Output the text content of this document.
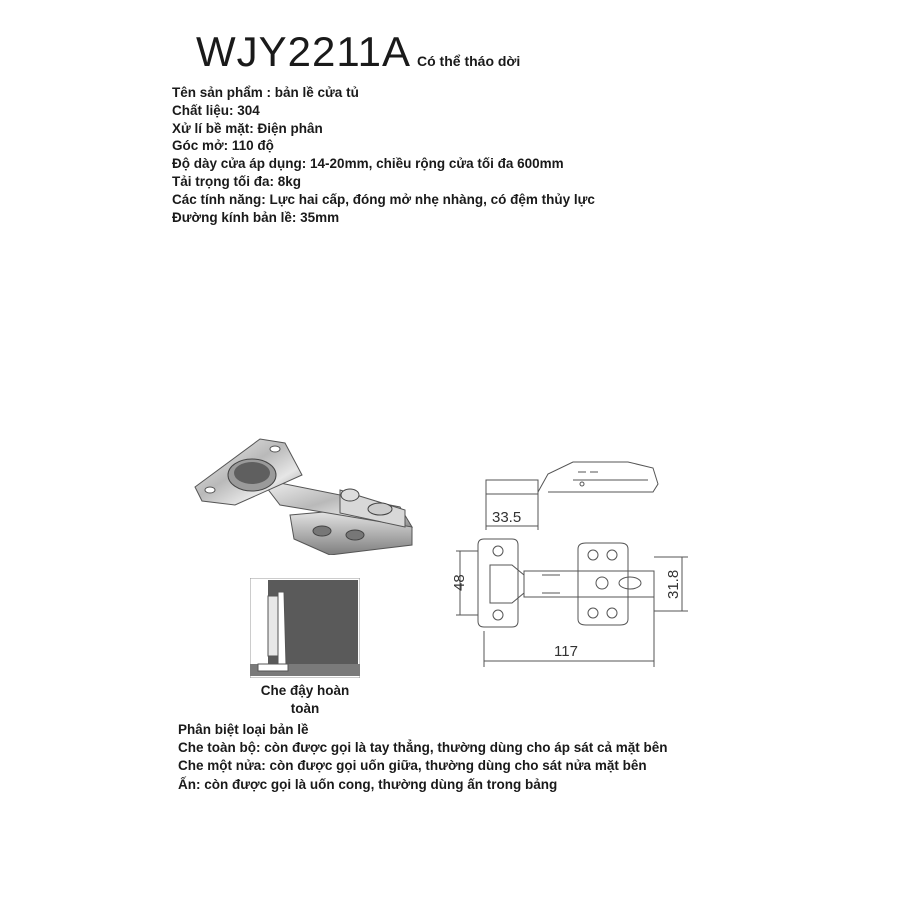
WJY2211A Có thể tháo dời
Tên sản phẩm : bản lề cửa tủ
Chất liệu: 304
Xử lí bề mặt: Điện phân
Góc mở: 110 độ
Độ dày cửa áp dụng: 14-20mm, chiều rộng cửa tối đa 600mm
Tải trọng tối đa: 8kg
Các tính năng: Lực hai cấp, đóng mở nhẹ nhàng, có đệm thủy lực
Đường kính bản lề: 35mm
33.5
48	31.8
117
Che đậy hoàn
toàn
Phân biệt loại bản lề
Che toàn bộ: còn được gọi là tay thẳng, thường dùng cho áp sát cả mặt bên
Che một nửa: còn được gọi uốn giữa, thường dùng cho sát nửa mặt bên
Ấn: còn được gọi là uốn cong, thường dùng ấn trong bảng
